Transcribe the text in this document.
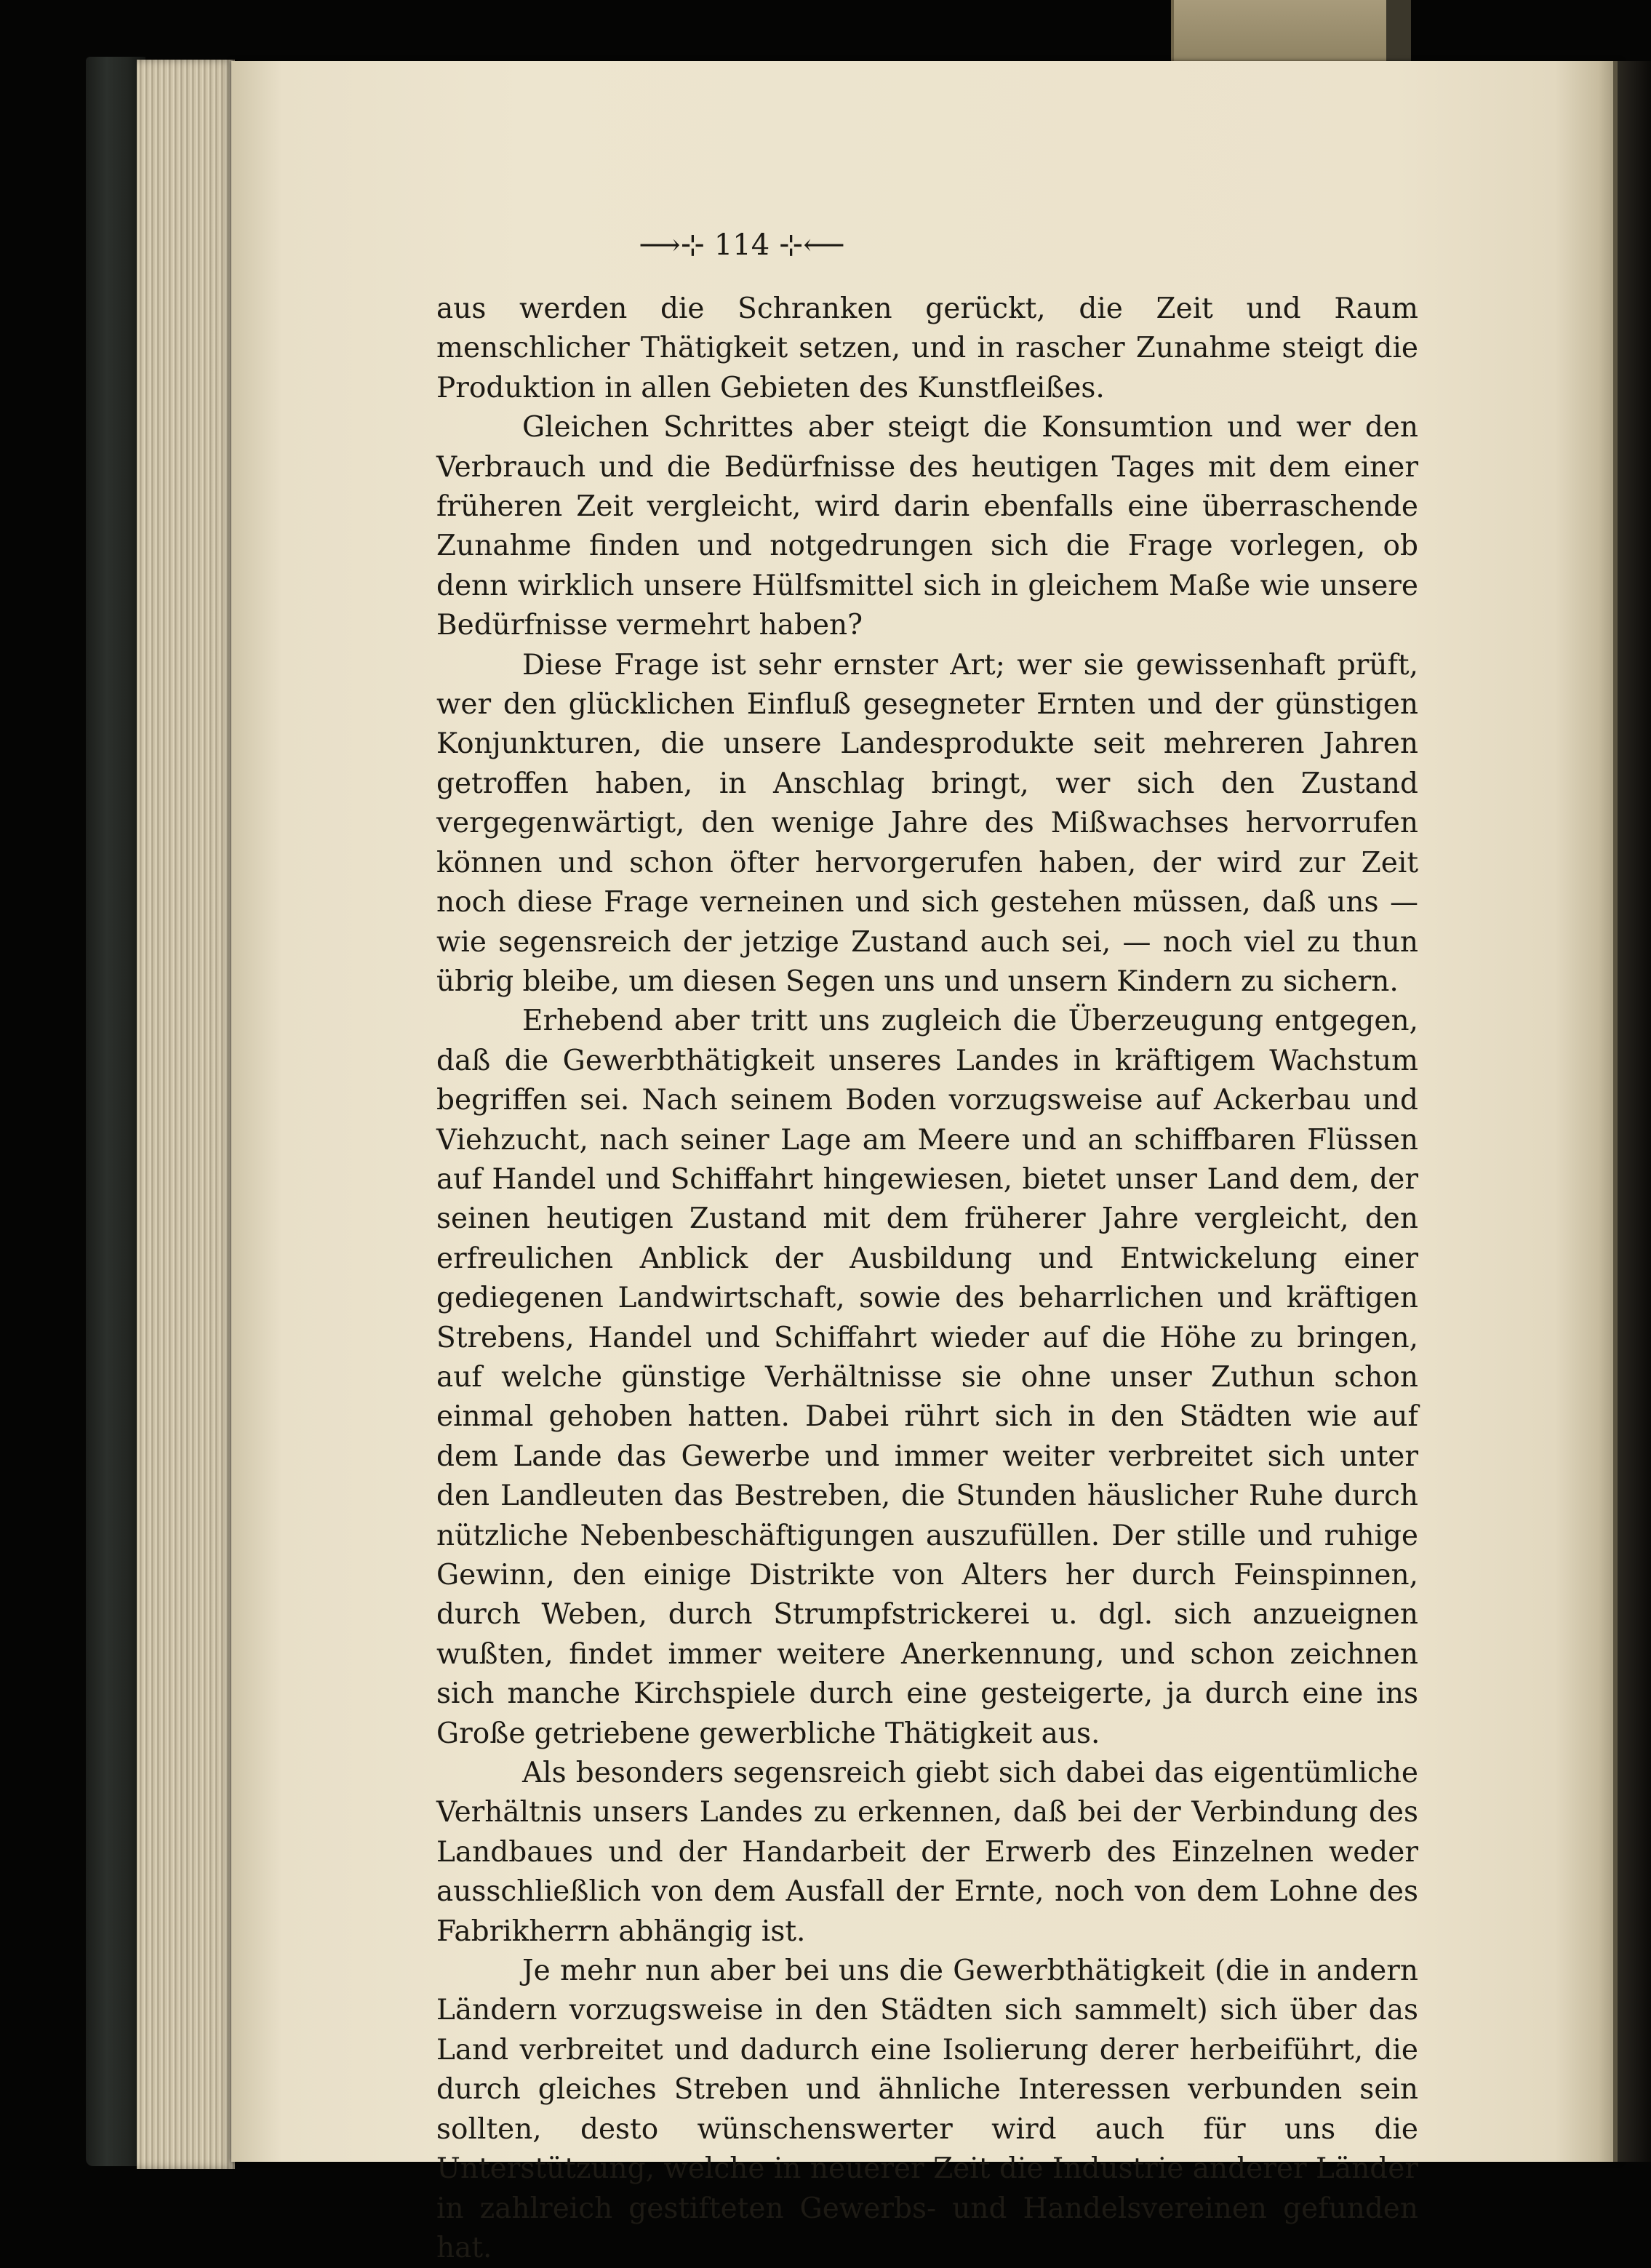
⟶⊹ 114 ⊹⟵

aus werden die Schranken gerückt, die Zeit und Raum menschlicher Thätigkeit setzen, und in rascher Zunahme steigt die Produktion in allen Gebieten des Kunstfleißes.

Gleichen Schrittes aber steigt die Konsumtion und wer den Verbrauch und die Bedürfnisse des heutigen Tages mit dem einer früheren Zeit vergleicht, wird darin ebenfalls eine überraschende Zunahme finden und notgedrungen sich die Frage vorlegen, ob denn wirklich unsere Hülfsmittel sich in gleichem Maße wie unsere Bedürfnisse vermehrt haben?

Diese Frage ist sehr ernster Art; wer sie gewissenhaft prüft, wer den glücklichen Einfluß gesegneter Ernten und der günstigen Konjunkturen, die unsere Landesprodukte seit mehreren Jahren getroffen haben, in Anschlag bringt, wer sich den Zustand vergegenwärtigt, den wenige Jahre des Mißwachses hervorrufen können und schon öfter hervorgerufen haben, der wird zur Zeit noch diese Frage verneinen und sich gestehen müssen, daß uns — wie segensreich der jetzige Zustand auch sei, — noch viel zu thun übrig bleibe, um diesen Segen uns und unsern Kindern zu sichern.

Erhebend aber tritt uns zugleich die Überzeugung entgegen, daß die Gewerbthätigkeit unseres Landes in kräftigem Wachstum begriffen sei. Nach seinem Boden vorzugsweise auf Ackerbau und Viehzucht, nach seiner Lage am Meere und an schiffbaren Flüssen auf Handel und Schiffahrt hingewiesen, bietet unser Land dem, der seinen heutigen Zustand mit dem früherer Jahre vergleicht, den erfreulichen Anblick der Ausbildung und Entwickelung einer gediegenen Landwirtschaft, sowie des beharrlichen und kräftigen Strebens, Handel und Schiffahrt wieder auf die Höhe zu bringen, auf welche günstige Verhältnisse sie ohne unser Zuthun schon einmal gehoben hatten. Dabei rührt sich in den Städten wie auf dem Lande das Gewerbe und immer weiter verbreitet sich unter den Landleuten das Bestreben, die Stunden häuslicher Ruhe durch nützliche Nebenbeschäftigungen auszufüllen. Der stille und ruhige Gewinn, den einige Distrikte von Alters her durch Feinspinnen, durch Weben, durch Strumpfstrickerei u. dgl. sich anzueignen wußten, findet immer weitere Anerkennung, und schon zeichnen sich manche Kirchspiele durch eine gesteigerte, ja durch eine ins Große getriebene gewerbliche Thätigkeit aus.

Als besonders segensreich giebt sich dabei das eigentümliche Verhältnis unsers Landes zu erkennen, daß bei der Verbindung des Landbaues und der Handarbeit der Erwerb des Einzelnen weder ausschließlich von dem Ausfall der Ernte, noch von dem Lohne des Fabrikherrn abhängig ist.

Je mehr nun aber bei uns die Gewerbthätigkeit (die in andern Ländern vorzugsweise in den Städten sich sammelt) sich über das Land verbreitet und dadurch eine Isolierung derer herbeiführt, die durch gleiches Streben und ähnliche Interessen verbunden sein sollten, desto wünschenswerter wird auch für uns die Unterstützung, welche in neuerer Zeit die Industrie anderer Länder in zahlreich gestifteten Gewerbs- und Handelsvereinen gefunden hat.
